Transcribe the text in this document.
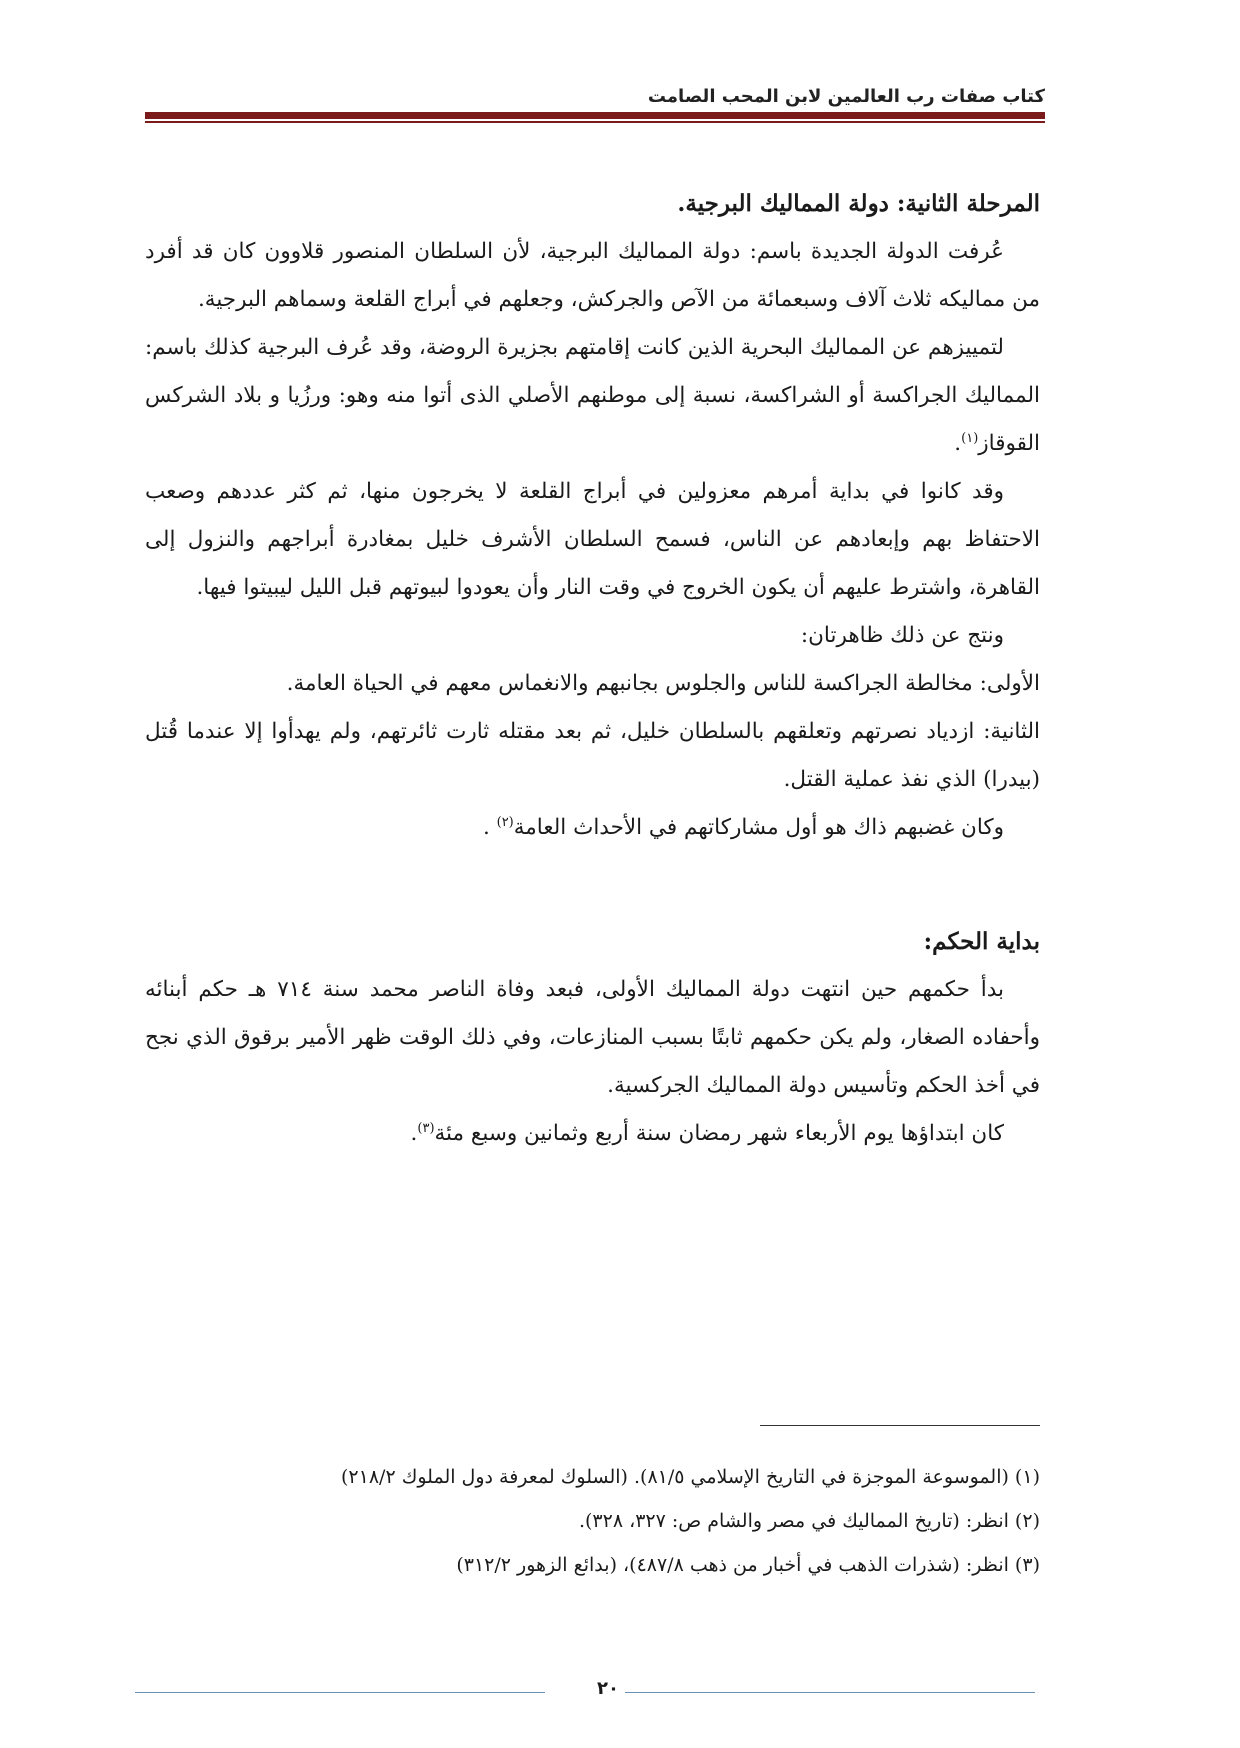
كتاب صفات رب العالمين لابن المحب الصامت

المرحلة الثانية: دولة المماليك البرجية.

عُرفت الدولة الجديدة باسم: دولة المماليك البرجية، لأن السلطان المنصور قلاوون كان قد أفرد من مماليكه ثلاث آلاف وسبعمائة من الآص والجركش، وجعلهم في أبراج القلعة وسماهم البرجية.

لتمييزهم عن المماليك البحرية الذين كانت إقامتهم بجزيرة الروضة، وقد عُرف البرجية كذلك باسم: المماليك الجراكسة أو الشراكسة، نسبة إلى موطنهم الأصلي الذى أتوا منه وهو: ورزُيا و بلاد الشركس القوقاز$^{(١)}$.

وقد كانوا في بداية أمرهم معزولين في أبراج القلعة لا يخرجون منها، ثم كثر عددهم وصعب الاحتفاظ بهم وإبعادهم عن الناس، فسمح السلطان الأشرف خليل بمغادرة أبراجهم والنزول إلى القاهرة، واشترط عليهم أن يكون الخروج في وقت النار وأن يعودوا لبيوتهم قبل الليل ليبيتوا فيها.

ونتج عن ذلك ظاهرتان:

الأولى: مخالطة الجراكسة للناس والجلوس بجانبهم والانغماس معهم في الحياة العامة.

الثانية: ازدياد نصرتهم وتعلقهم بالسلطان خليل، ثم بعد مقتله ثارت ثائرتهم، ولم يهدأوا إلا عندما قُتل (بيدرا) الذي نفذ عملية القتل.

وكان غضبهم ذاك هو أول مشاركاتهم في الأحداث العامة$^{(٢)}$ .

بداية الحكم:

بدأ حكمهم حين انتهت دولة المماليك الأولى، فبعد وفاة الناصر محمد سنة ٧١٤ هـ حكم أبنائه وأحفاده الصغار، ولم يكن حكمهم ثابتًا بسبب المنازعات، وفي ذلك الوقت ظهر الأمير برقوق الذي نجح في أخذ الحكم وتأسيس دولة المماليك الجركسية.

كان ابتداؤها يوم الأربعاء شهر رمضان سنة أربع وثمانين وسبع مئة$^{(٣)}$.

(١) (الموسوعة الموجزة في التاريخ الإسلامي ٨١/٥). (السلوك لمعرفة دول الملوك ٢١٨/٢)

(٢) انظر: (تاريخ المماليك في مصر والشام ص: ٣٢٧، ٣٢٨).

(٣) انظر: (شذرات الذهب في أخبار من ذهب ٤٨٧/٨)، (بدائع الزهور ٣١٢/٢)

٢٠
